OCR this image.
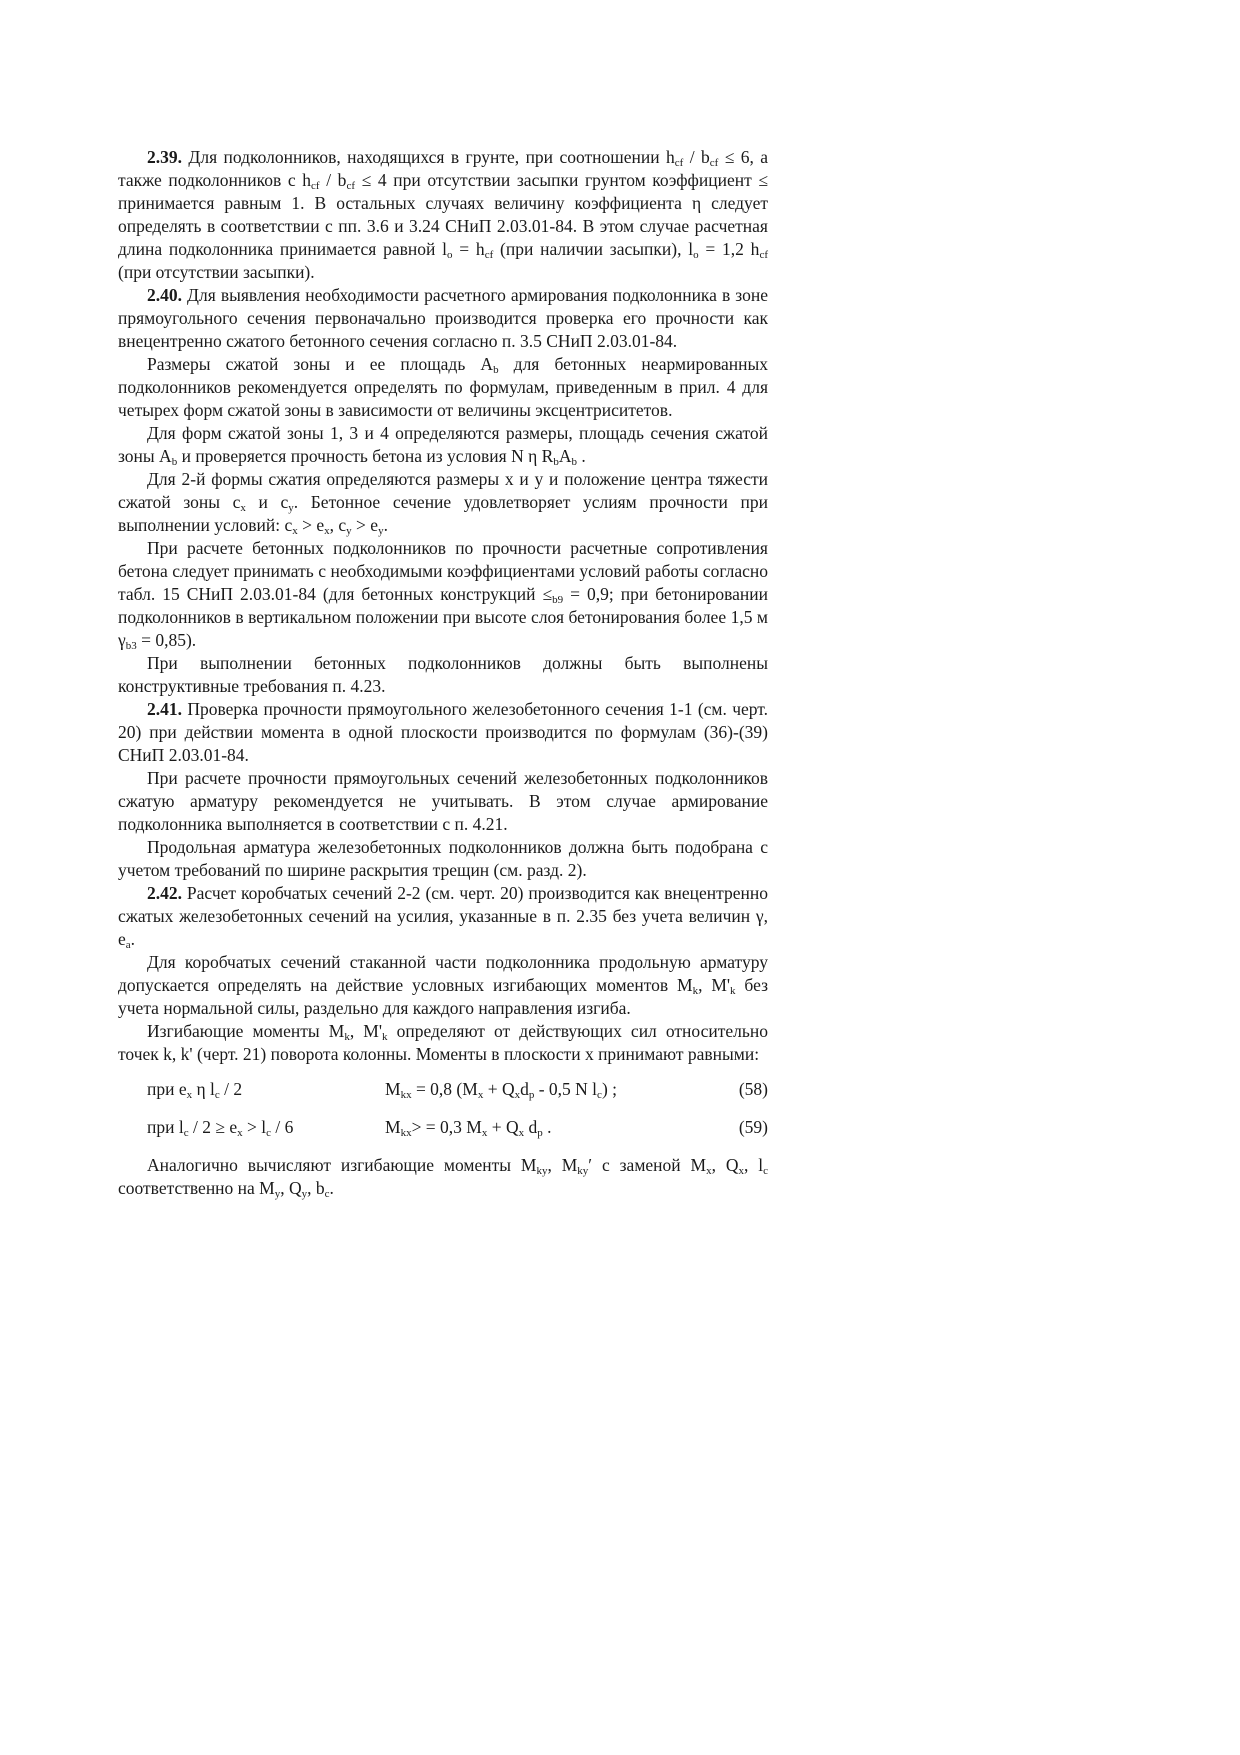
2.39. Для подколонников, находящихся в грунте, при соотношении $h_{cf} / b_{cf} \le 6$, а также подколонников с $h_{cf} / b_{cf} \le 4$ при отсутствии засыпки грунтом коэффициент ≤ принимается равным 1. В остальных случаях величину коэффициента η следует определять в соответствии с пп. 3.6 и 3.24 СНиП 2.03.01-84. В этом случае расчетная длина подколонника принимается равной $l_o = h_{cf}$ (при наличии засыпки), $l_o = 1,2$ $h_{cf}$ (при отсутствии засыпки).

2.40. Для выявления необходимости расчетного армирования подколонника в зоне прямоугольного сечения первоначально производится проверка его прочности как внецентренно сжатого бетонного сечения согласно п. 3.5 СНиП 2.03.01-84.

Размеры сжатой зоны и ее площадь $A_b$ для бетонных неармированных подколонников рекомендуется определять по формулам, приведенным в прил. 4 для четырех форм сжатой зоны в зависимости от величины эксцентриситетов.

Для форм сжатой зоны 1, 3 и 4 определяются размеры, площадь сечения сжатой зоны $A_b$ и проверяется прочность бетона из условия N η $R_bA_b$ .

Для 2-й формы сжатия определяются размеры x и y и положение центра тяжести сжатой зоны $c_x$ и $c_y$. Бетонное сечение удовлетворяет услиям прочности при выполнении условий: $c_x > e_x$, $c_y > e_y$.

При расчете бетонных подколонников по прочности расчетные сопротивления бетона следует принимать с необходимыми коэффициентами условий работы согласно табл. 15 СНиП 2.03.01-84 (для бетонных конструкций $\le_{b9} = 0,9$; при бетонировании подколонников в вертикальном положении при высоте слоя бетонирования более 1,5 м $\gamma_{b3} = 0,85$).

При выполнении бетонных подколонников должны быть выполнены конструктивные требования п. 4.23.

2.41. Проверка прочности прямоугольного железобетонного сечения 1-1 (см. черт. 20) при действии момента в одной плоскости производится по формулам (36)-(39) СНиП 2.03.01-84.

При расчете прочности прямоугольных сечений железобетонных подколонников сжатую арматуру рекомендуется не учитывать. В этом случае армирование подколонника выполняется в соответствии с п. 4.21.

Продольная арматура железобетонных подколонников должна быть подобрана с учетом требований по ширине раскрытия трещин (см. разд. 2).

2.42. Расчет коробчатых сечений 2-2 (см. черт. 20) производится как внецентренно сжатых железобетонных сечений на усилия, указанные в п. 2.35 без учета величин γ, $e_a$.

Для коробчатых сечений стаканной части подколонника продольную арматуру допускается определять на действие условных изгибающих моментов $M_k$, $M'_k$ без учета нормальной силы, раздельно для каждого направления изгиба.

Изгибающие моменты $M_k$, $M'_k$ определяют от действующих сил относительно точек k, k' (черт. 21) поворота колонны. Моменты в плоскости x принимают равными:

при $e_x$ η $l_c / 2$	$M_{kx} = 0,8$ ($M_x + Q_xd_p - 0,5$ N $l_c$) ;	(58)
при $l_c / 2 \ge e_x > l_c / 6$	$M_{kx}> = 0,3$ $M_x + Q_x$ $d_p$ .	(59)

Аналогично вычисляют изгибающие моменты $M_{ky}$, $M_{ky}'$ с заменой $M_x$, $Q_x$, $l_c$ соответственно на $M_y$, $Q_y$, $b_c$.
